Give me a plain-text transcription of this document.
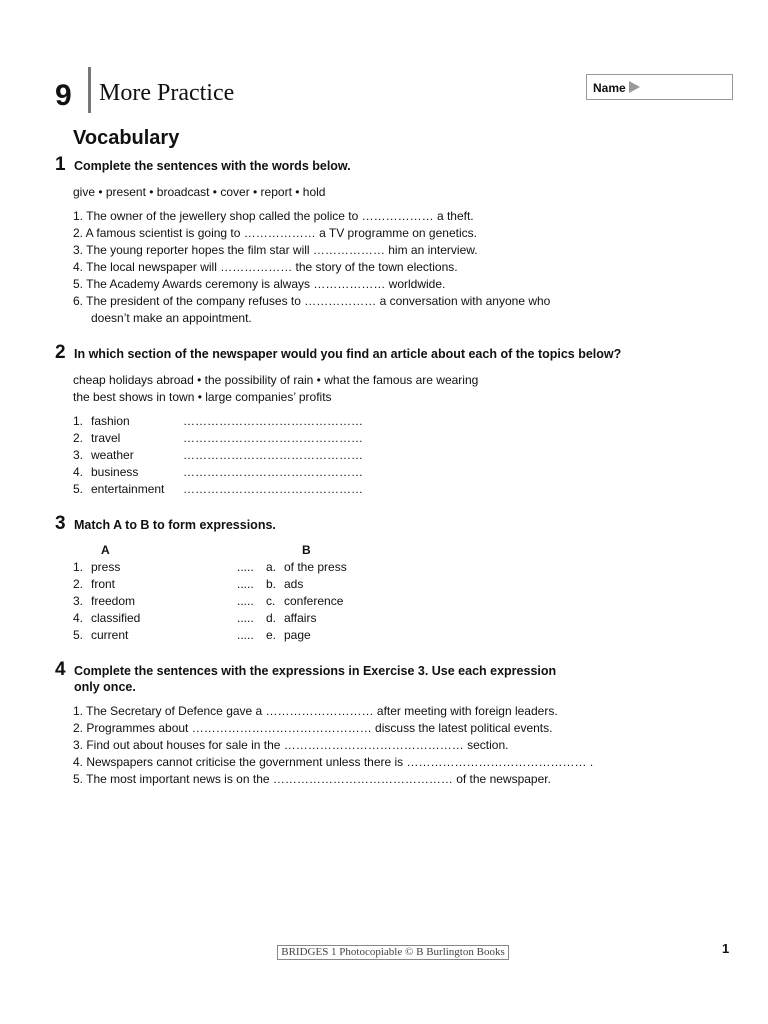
9 More Practice	Name
Vocabulary
1 Complete the sentences with the words below.
give • present • broadcast • cover • report • hold
1. The owner of the jewellery shop called the police to ……………… a theft.
2. A famous scientist is going to ……………… a TV programme on genetics.
3. The young reporter hopes the film star will ……………… him an interview.
4. The local newspaper will ……………… the story of the town elections.
5. The Academy Awards ceremony is always ……………… worldwide.
6. The president of the company refuses to ……………… a conversation with anyone who
doesn’t make an appointment.
2 In which section of the newspaper would you find an article about each of the topics below?
cheap holidays abroad • the possibility of rain • what the famous are wearing
the best shows in town • large companies’ profits
1. fashion	………………………………………
2. travel	………………………………………
3. weather	………………………………………
4. business	………………………………………
5. entertainment ………………………………………
3 Match A to B to form expressions.
A	B
1. press	..... a. of the press
2. front	..... b. ads
3. freedom	..... c. conference
4. classified	..... d. affairs
5. current	..... e. page
4 Complete the sentences with the expressions in Exercise 3. Use each expression
only once.
1. The Secretary of Defence gave a ……………………… after meeting with foreign leaders.
2. Programmes about ……………………………………… discuss the latest political events.
3. Find out about houses for sale in the ……………………………………… section.
4. Newspapers cannot criticise the government unless there is ……………………………………… .
5. The most important news is on the ……………………………………… of the newspaper.
BRIDGES 1 Photocopiable © B Burlington Books	1
